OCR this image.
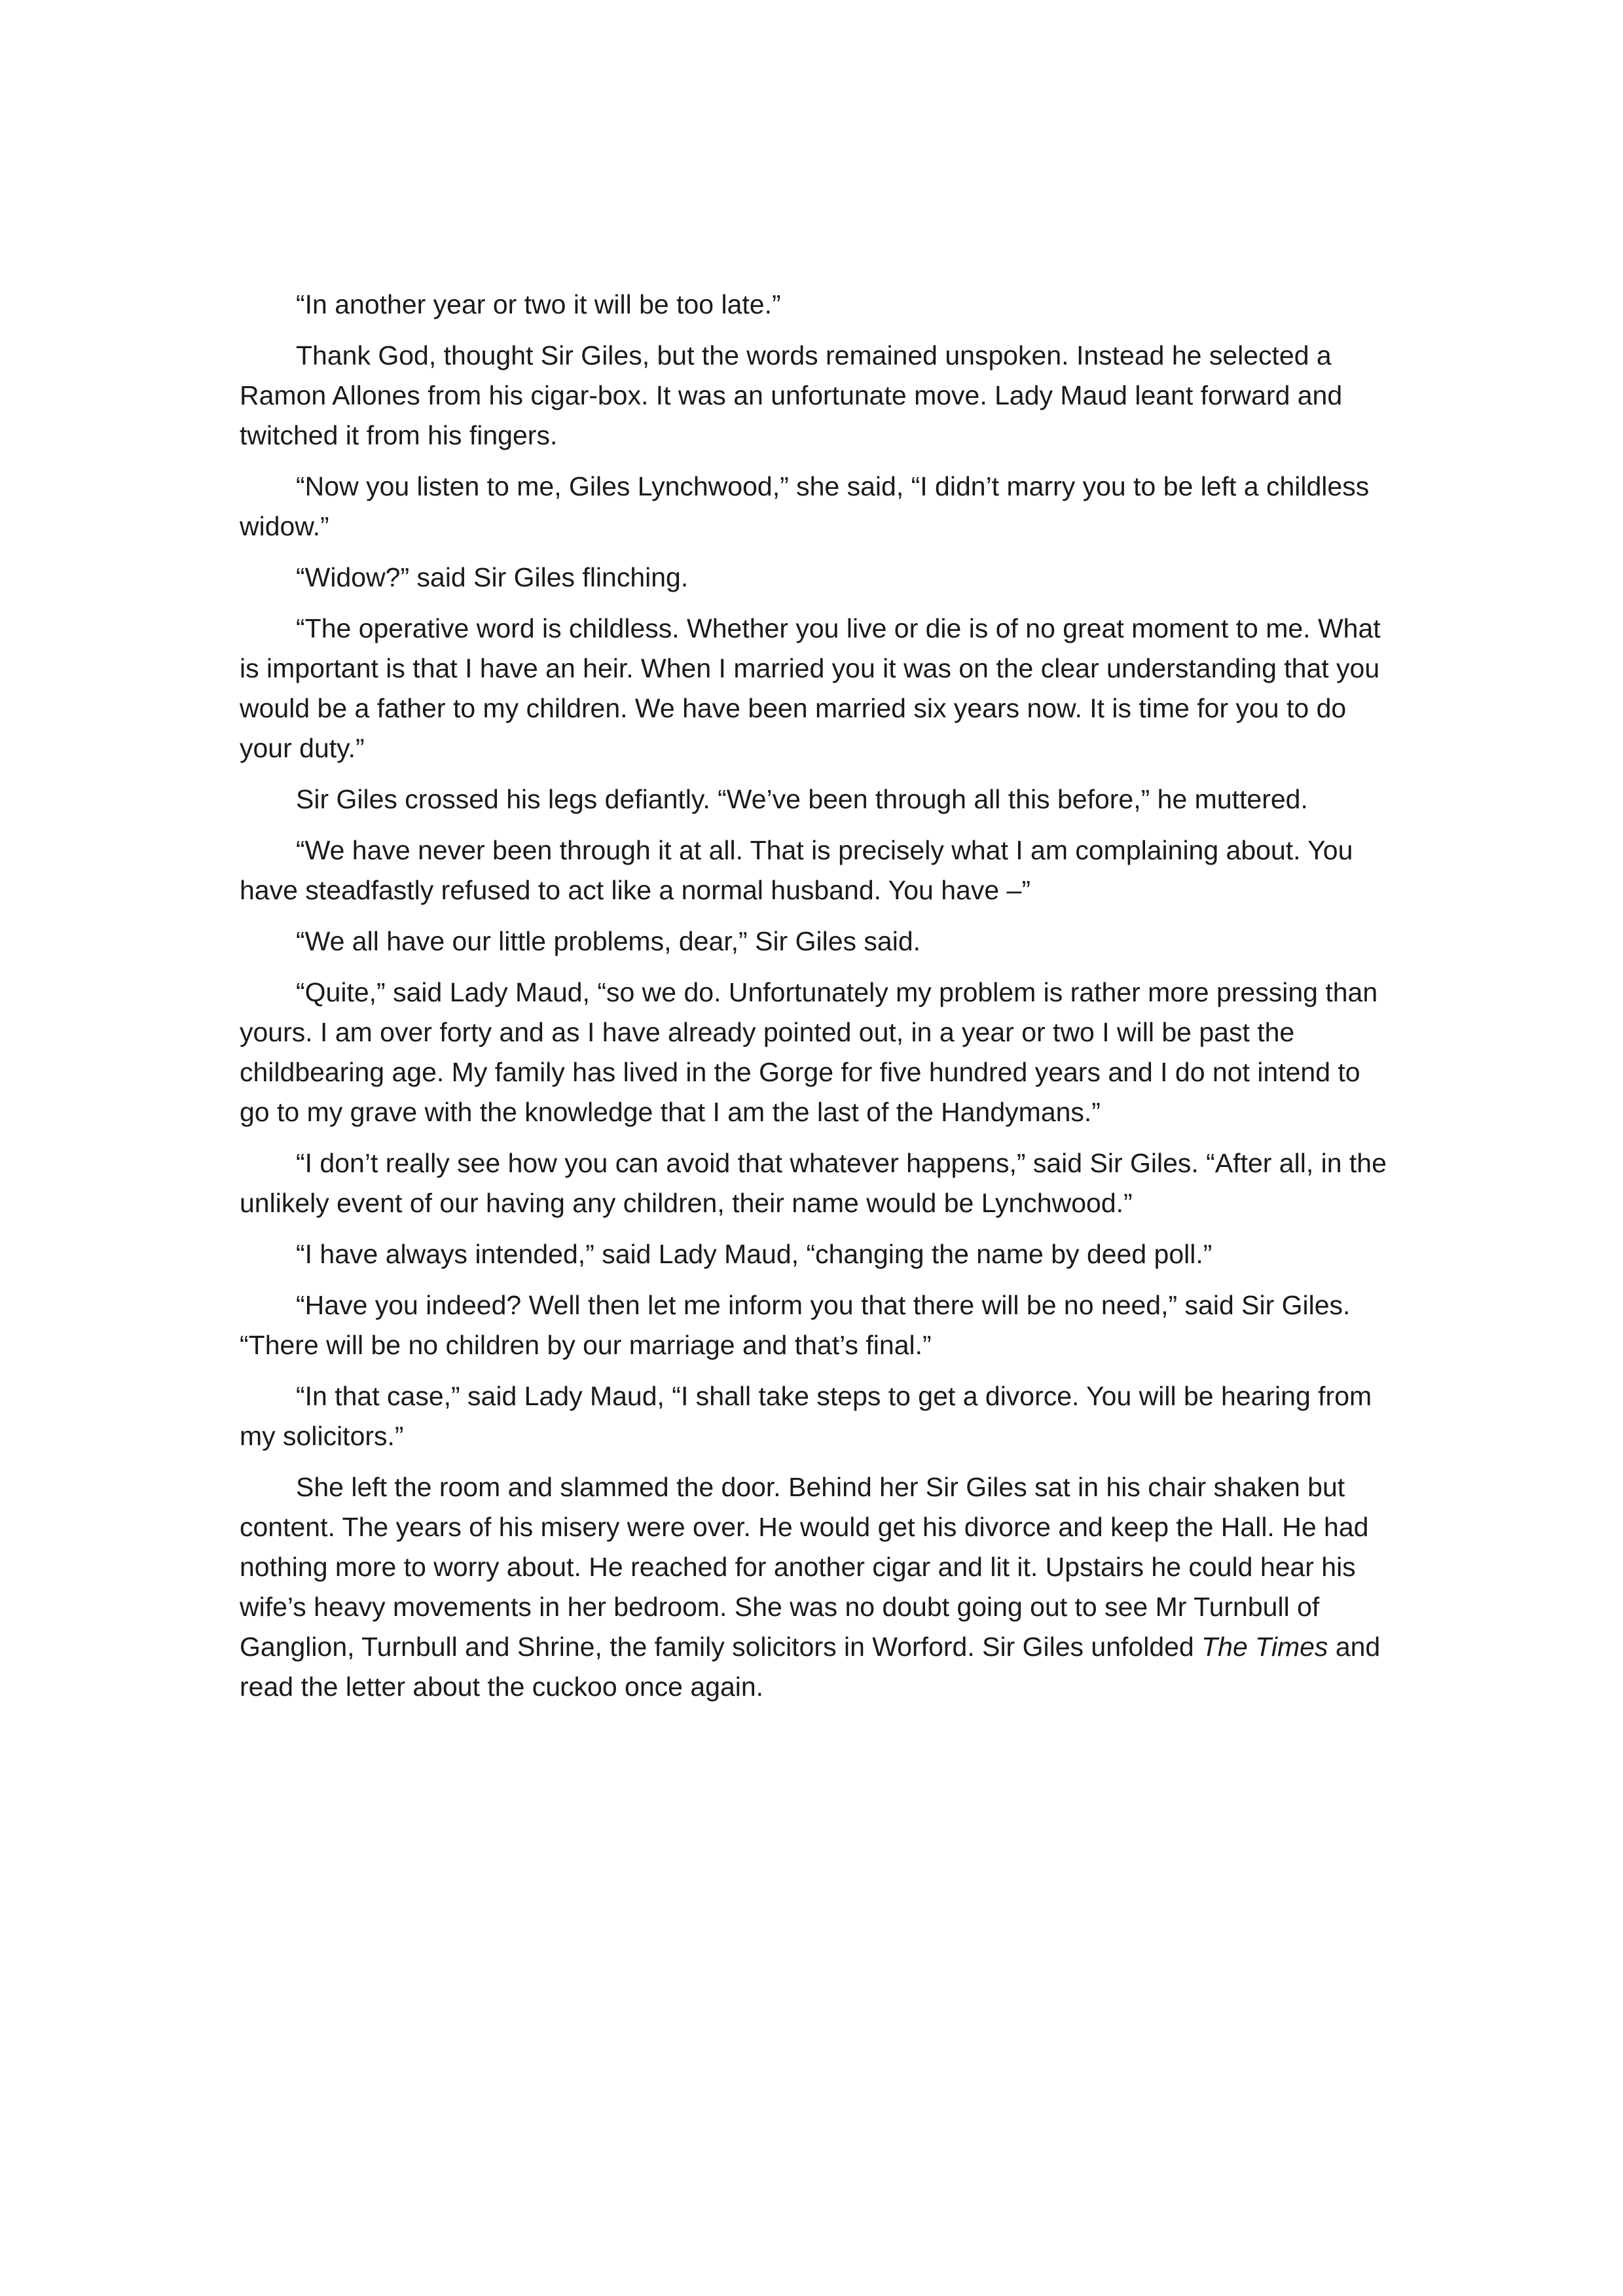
“In another year or two it will be too late.”

Thank God, thought Sir Giles, but the words remained unspoken. Instead he selected a Ramon Allones from his cigar-box. It was an unfortunate move. Lady Maud leant forward and twitched it from his fingers.

“Now you listen to me, Giles Lynchwood,” she said, “I didn’t marry you to be left a childless widow.”

“Widow?” said Sir Giles flinching.

“The operative word is childless. Whether you live or die is of no great moment to me. What is important is that I have an heir. When I married you it was on the clear understanding that you would be a father to my children. We have been married six years now. It is time for you to do your duty.”

Sir Giles crossed his legs defiantly. “We’ve been through all this before,” he muttered.

“We have never been through it at all. That is precisely what I am complaining about. You have steadfastly refused to act like a normal husband. You have –”

“We all have our little problems, dear,” Sir Giles said.

“Quite,” said Lady Maud, “so we do. Unfortunately my problem is rather more pressing than yours. I am over forty and as I have already pointed out, in a year or two I will be past the childbearing age. My family has lived in the Gorge for five hundred years and I do not intend to go to my grave with the knowledge that I am the last of the Handymans.”

“I don’t really see how you can avoid that whatever happens,” said Sir Giles. “After all, in the unlikely event of our having any children, their name would be Lynchwood.”

“I have always intended,” said Lady Maud, “changing the name by deed poll.”

“Have you indeed? Well then let me inform you that there will be no need,” said Sir Giles. “There will be no children by our marriage and that’s final.”

“In that case,” said Lady Maud, “I shall take steps to get a divorce. You will be hearing from my solicitors.”

She left the room and slammed the door. Behind her Sir Giles sat in his chair shaken but content. The years of his misery were over. He would get his divorce and keep the Hall. He had nothing more to worry about. He reached for another cigar and lit it. Upstairs he could hear his wife’s heavy movements in her bedroom. She was no doubt going out to see Mr Turnbull of Ganglion, Turnbull and Shrine, the family solicitors in Worford. Sir Giles unfolded The Times and read the letter about the cuckoo once again.
